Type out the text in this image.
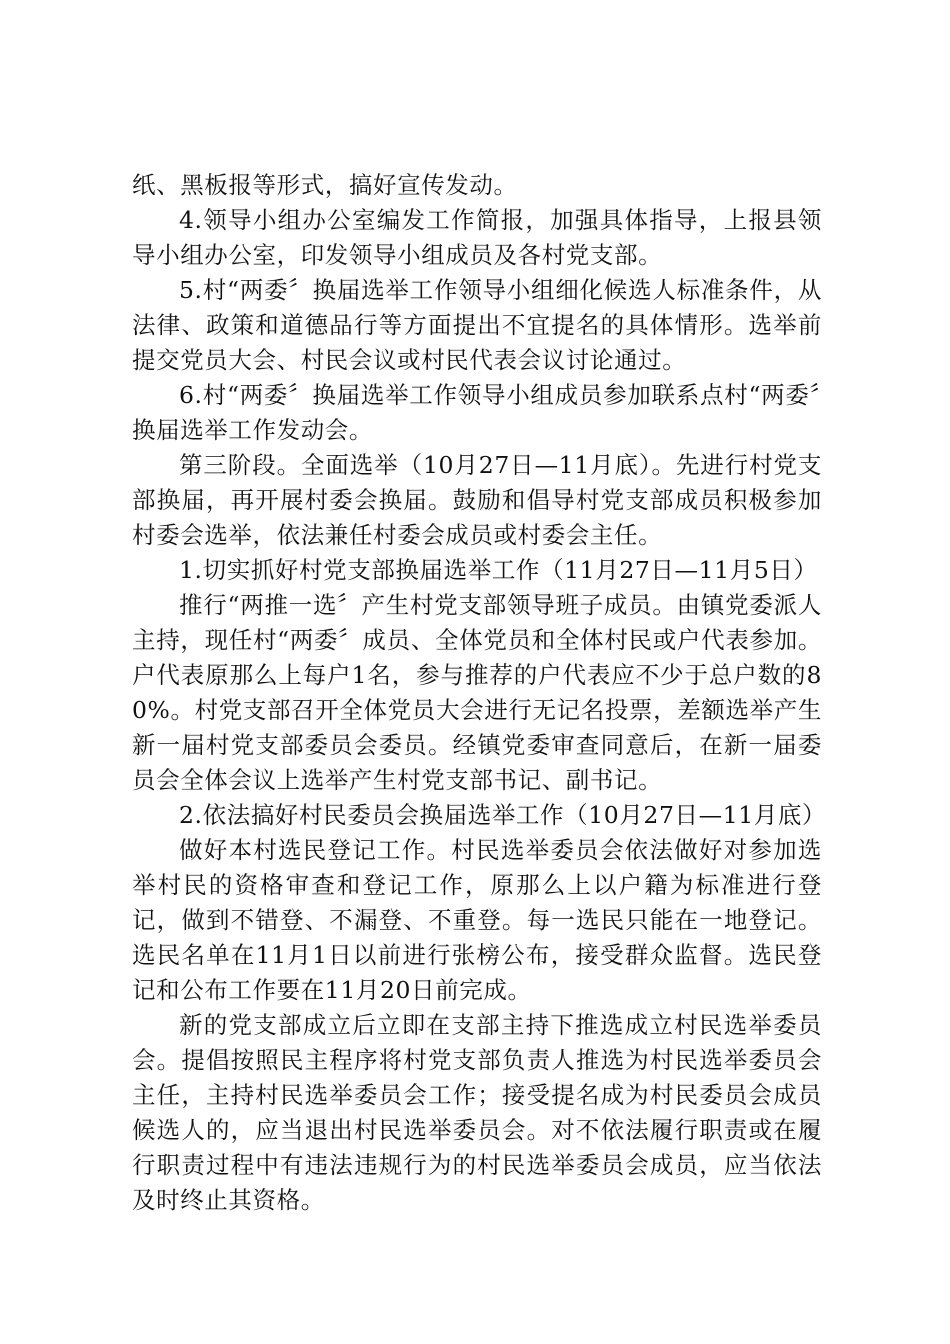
纸、黑板报等形式，搞好宣传发动。

4.领导小组办公室编发工作简报，加强具体指导，上报县领导小组办公室，印发领导小组成员及各村党支部。

5.村“两委〞换届选举工作领导小组细化候选人标准条件，从法律、政策和道德品行等方面提出不宜提名的具体情形。选举前提交党员大会、村民会议或村民代表会议讨论通过。

6.村“两委〞换届选举工作领导小组成员参加联系点村“两委〞换届选举工作发动会。

第三阶段。全面选举（10月27日—11月底）。先进行村党支部换届，再开展村委会换届。鼓励和倡导村党支部成员积极参加村委会选举，依法兼任村委会成员或村委会主任。

1.切实抓好村党支部换届选举工作（11月27日—11月5日）

推行“两推一选〞产生村党支部领导班子成员。由镇党委派人主持，现任村“两委〞成员、全体党员和全体村民或户代表参加。户代表原那么上每户1名，参与推荐的户代表应不少于总户数的80%。村党支部召开全体党员大会进行无记名投票，差额选举产生新一届村党支部委员会委员。经镇党委审查同意后，在新一届委员会全体会议上选举产生村党支部书记、副书记。

2.依法搞好村民委员会换届选举工作（10月27日—11月底）

做好本村选民登记工作。村民选举委员会依法做好对参加选举村民的资格审查和登记工作，原那么上以户籍为标准进行登记，做到不错登、不漏登、不重登。每一选民只能在一地登记。选民名单在11月1日以前进行张榜公布，接受群众监督。选民登记和公布工作要在11月20日前完成。

新的党支部成立后立即在支部主持下推选成立村民选举委员会。提倡按照民主程序将村党支部负责人推选为村民选举委员会主任，主持村民选举委员会工作；接受提名成为村民委员会成员候选人的，应当退出村民选举委员会。对不依法履行职责或在履行职责过程中有违法违规行为的村民选举委员会成员，应当依法及时终止其资格。
